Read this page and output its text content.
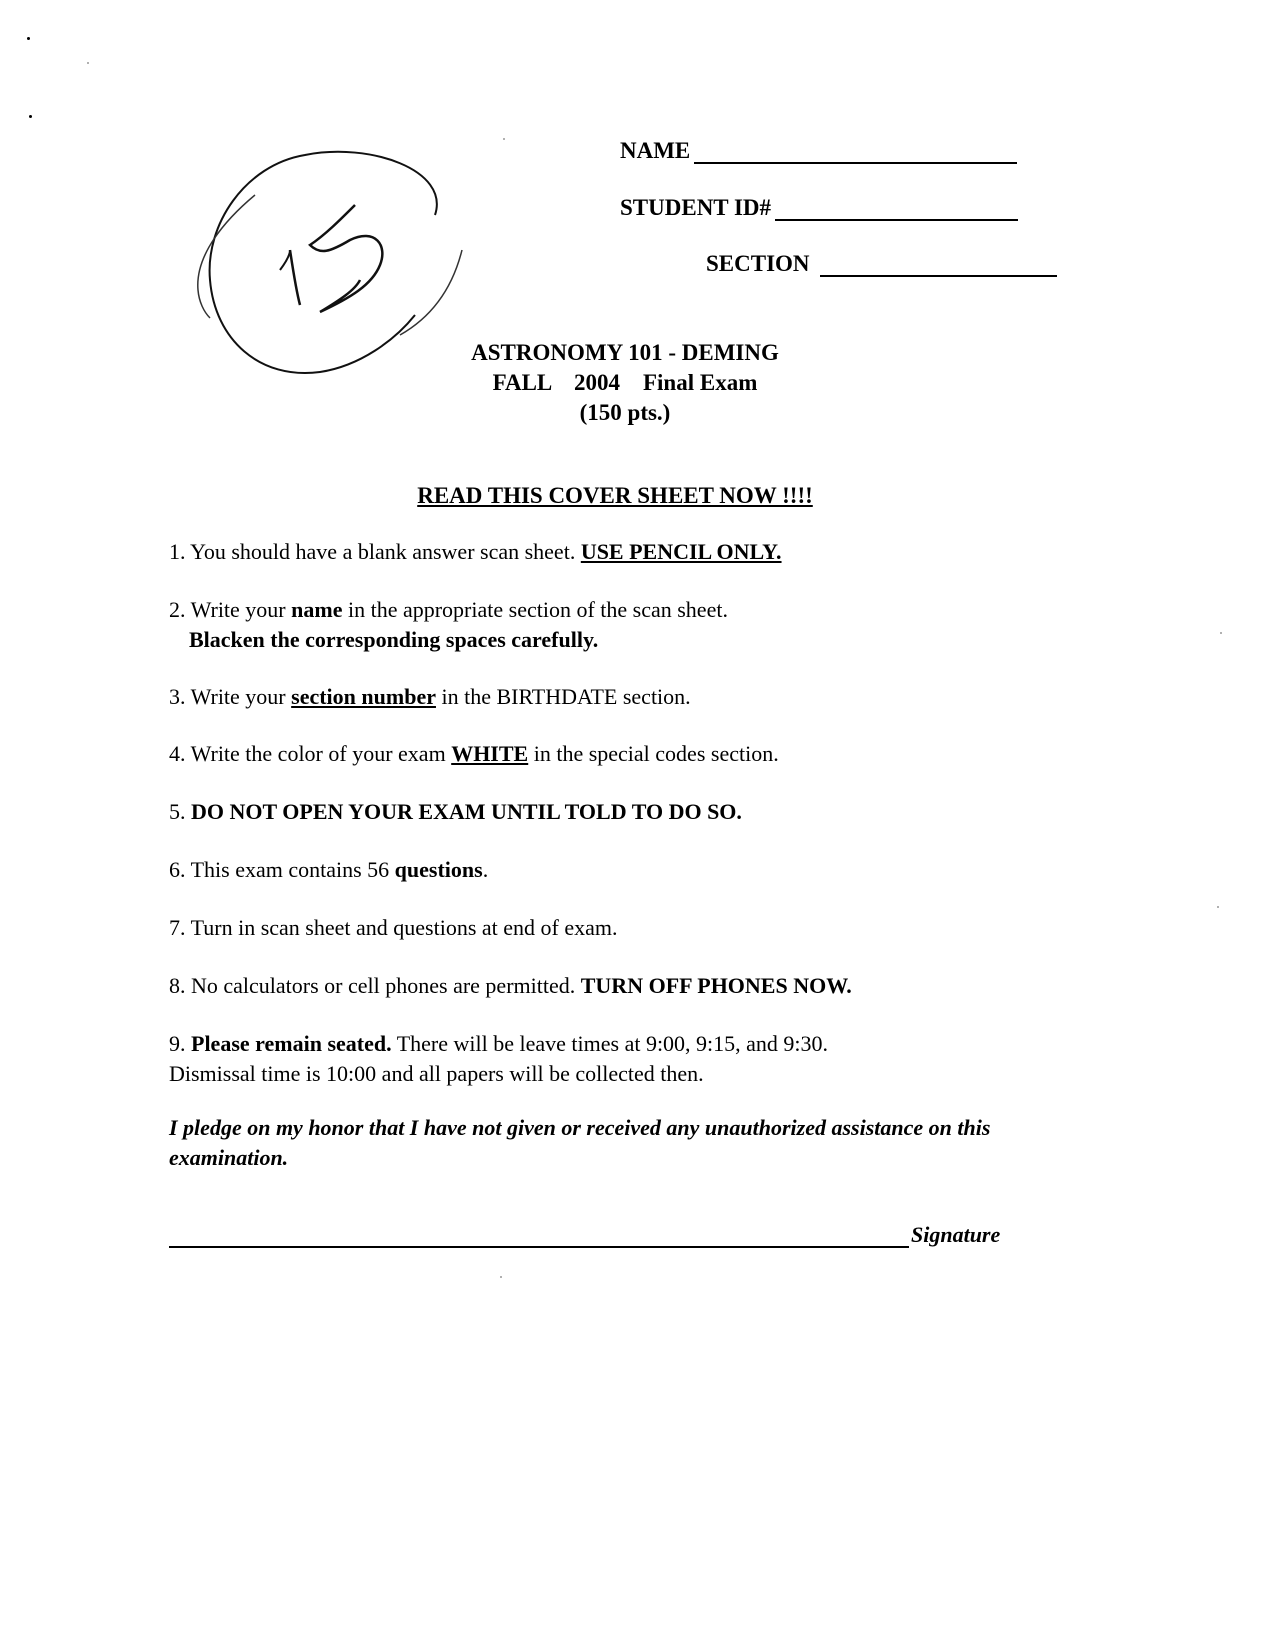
NAME
STUDENT ID#
SECTION
ASTRONOMY 101 - DEMING
FALL    2004    Final Exam
(150 pts.)
READ THIS COVER SHEET NOW !!!!
1. You should have a blank answer scan sheet. USE PENCIL ONLY.
2. Write your name in the appropriate section of the scan sheet.
Blacken the corresponding spaces carefully.
3. Write your section number in the BIRTHDATE section.
4. Write the color of your exam WHITE in the special codes section.
5. DO NOT OPEN YOUR EXAM UNTIL TOLD TO DO SO.
6. This exam contains 56 questions.
7. Turn in scan sheet and questions at end of exam.
8. No calculators or cell phones are permitted. TURN OFF PHONES NOW.
9. Please remain seated. There will be leave times at 9:00, 9:15, and 9:30.
Dismissal time is 10:00 and all papers will be collected then.
I pledge on my honor that I have not given or received any unauthorized assistance on this examination.
Signature
